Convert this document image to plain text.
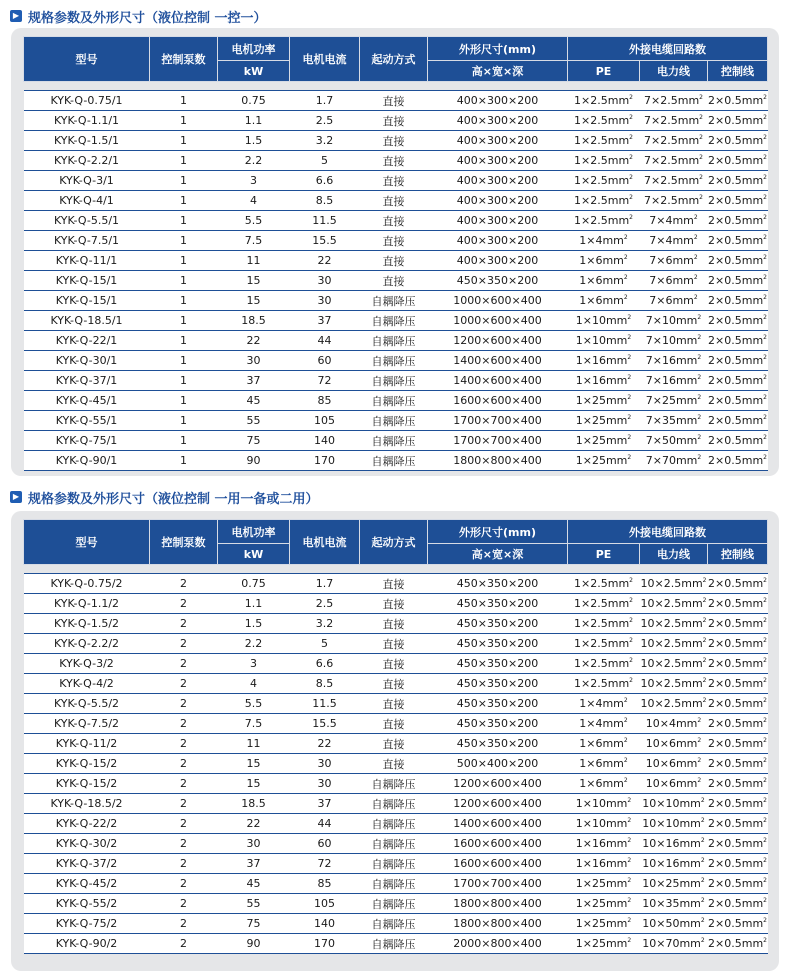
▶ 规格参数及外形尺寸（液位控制 一控一）
型号	控制泵数	电机功率	电机电流	起动方式	外形尺寸(mm)	外接电缆回路数		
		kW			高×宽×深	PE	电力线	控制线

KYK-Q-0.75/1	1	0.75	1.7	直接	400×300×200	$1\times 2.5mm^2$	$7\times 2.5mm^2$	$2\times 0.5mm^2$
KYK-Q-1.1/1	1	1.1	2.5	直接	400×300×200	$1\times 2.5mm^2$	$7\times 2.5mm^2$	$2\times 0.5mm^2$
KYK-Q-1.5/1	1	1.5	3.2	直接	400×300×200	$1\times 2.5mm^2$	$7\times 2.5mm^2$	$2\times 0.5mm^2$
KYK-Q-2.2/1	1	2.2	5	直接	400×300×200	$1\times 2.5mm^2$	$7\times 2.5mm^2$	$2\times 0.5mm^2$
KYK-Q-3/1	1	3	6.6	直接	400×300×200	$1\times 2.5mm^2$	$7\times 2.5mm^2$	$2\times 0.5mm^2$
KYK-Q-4/1	1	4	8.5	直接	400×300×200	$1\times 2.5mm^2$	$7\times 2.5mm^2$	$2\times 0.5mm^2$
KYK-Q-5.5/1	1	5.5	11.5	直接	400×300×200	$1\times 2.5mm^2$	$7\times 4mm^2$	$2\times 0.5mm^2$
KYK-Q-7.5/1	1	7.5	15.5	直接	400×300×200	$1\times 4mm^2$	$7\times 4mm^2$	$2\times 0.5mm^2$
KYK-Q-11/1	1	11	22	直接	400×300×200	$1\times 6mm^2$	$7\times 6mm^2$	$2\times 0.5mm^2$
KYK-Q-15/1	1	15	30	直接	450×350×200	$1\times 6mm^2$	$7\times 6mm^2$	$2\times 0.5mm^2$
KYK-Q-15/1	1	15	30	自耦降压	1000×600×400	$1\times 6mm^2$	$7\times 6mm^2$	$2\times 0.5mm^2$
KYK-Q-18.5/1	1	18.5	37	自耦降压	1000×600×400	$1\times 10mm^2$	$7\times 10mm^2$	$2\times 0.5mm^2$
KYK-Q-22/1	1	22	44	自耦降压	1200×600×400	$1\times 10mm^2$	$7\times 10mm^2$	$2\times 0.5mm^2$
KYK-Q-30/1	1	30	60	自耦降压	1400×600×400	$1\times 16mm^2$	$7\times 16mm^2$	$2\times 0.5mm^2$
KYK-Q-37/1	1	37	72	自耦降压	1400×600×400	$1\times 16mm^2$	$7\times 16mm^2$	$2\times 0.5mm^2$
KYK-Q-45/1	1	45	85	自耦降压	1600×600×400	$1\times 25mm^2$	$7\times 25mm^2$	$2\times 0.5mm^2$
KYK-Q-55/1	1	55	105	自耦降压	1700×700×400	$1\times 25mm^2$	$7\times 35mm^2$	$2\times 0.5mm^2$
KYK-Q-75/1	1	75	140	自耦降压	1700×700×400	$1\times 25mm^2$	$7\times 50mm^2$	$2\times 0.5mm^2$
KYK-Q-90/1	1	90	170	自耦降压	1800×800×400	$1\times 25mm^2$	$7\times 70mm^2$	$2\times 0.5mm^2$
▶ 规格参数及外形尺寸（液位控制 一用一备或二用）
型号	控制泵数	电机功率	电机电流	起动方式	外形尺寸(mm)	外接电缆回路数		
		kW			高×宽×深	PE	电力线	控制线

KYK-Q-0.75/2	2	0.75	1.7	直接	450×350×200	$1\times 2.5mm^2$	$10\times 2.5mm^2$	$2\times 0.5mm^2$
KYK-Q-1.1/2	2	1.1	2.5	直接	450×350×200	$1\times 2.5mm^2$	$10\times 2.5mm^2$	$2\times 0.5mm^2$
KYK-Q-1.5/2	2	1.5	3.2	直接	450×350×200	$1\times 2.5mm^2$	$10\times 2.5mm^2$	$2\times 0.5mm^2$
KYK-Q-2.2/2	2	2.2	5	直接	450×350×200	$1\times 2.5mm^2$	$10\times 2.5mm^2$	$2\times 0.5mm^2$
KYK-Q-3/2	2	3	6.6	直接	450×350×200	$1\times 2.5mm^2$	$10\times 2.5mm^2$	$2\times 0.5mm^2$
KYK-Q-4/2	2	4	8.5	直接	450×350×200	$1\times 2.5mm^2$	$10\times 2.5mm^2$	$2\times 0.5mm^2$
KYK-Q-5.5/2	2	5.5	11.5	直接	450×350×200	$1\times 4mm^2$	$10\times 2.5mm^2$	$2\times 0.5mm^2$
KYK-Q-7.5/2	2	7.5	15.5	直接	450×350×200	$1\times 4mm^2$	$10\times 4mm^2$	$2\times 0.5mm^2$
KYK-Q-11/2	2	11	22	直接	450×350×200	$1\times 6mm^2$	$10\times 6mm^2$	$2\times 0.5mm^2$
KYK-Q-15/2	2	15	30	直接	500×400×200	$1\times 6mm^2$	$10\times 6mm^2$	$2\times 0.5mm^2$
KYK-Q-15/2	2	15	30	自耦降压	1200×600×400	$1\times 6mm^2$	$10\times 6mm^2$	$2\times 0.5mm^2$
KYK-Q-18.5/2	2	18.5	37	自耦降压	1200×600×400	$1\times 10mm^2$	$10\times 10mm^2$	$2\times 0.5mm^2$
KYK-Q-22/2	2	22	44	自耦降压	1400×600×400	$1\times 10mm^2$	$10\times 10mm^2$	$2\times 0.5mm^2$
KYK-Q-30/2	2	30	60	自耦降压	1600×600×400	$1\times 16mm^2$	$10\times 16mm^2$	$2\times 0.5mm^2$
KYK-Q-37/2	2	37	72	自耦降压	1600×600×400	$1\times 16mm^2$	$10\times 16mm^2$	$2\times 0.5mm^2$
KYK-Q-45/2	2	45	85	自耦降压	1700×700×400	$1\times 25mm^2$	$10\times 25mm^2$	$2\times 0.5mm^2$
KYK-Q-55/2	2	55	105	自耦降压	1800×800×400	$1\times 25mm^2$	$10\times 35mm^2$	$2\times 0.5mm^2$
KYK-Q-75/2	2	75	140	自耦降压	1800×800×400	$1\times 25mm^2$	$10\times 50mm^2$	$2\times 0.5mm^2$
KYK-Q-90/2	2	90	170	自耦降压	2000×800×400	$1\times 25mm^2$	$10\times 70mm^2$	$2\times 0.5mm^2$
